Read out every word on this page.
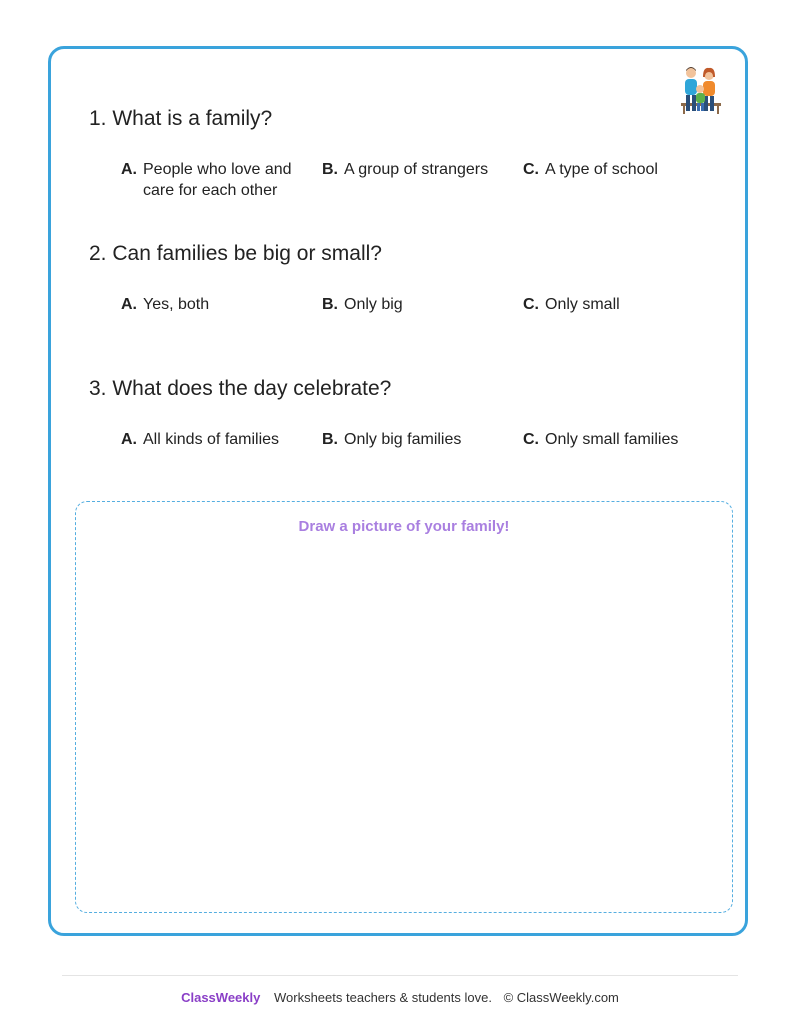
1. What is a family?
A. People who love and care for each other
B. A group of strangers C. A type of school
2. Can families be big or small?
A. Yes, both	B. Only big	C. Only small
3. What does the day celebrate?
A. All kinds of families	B. Only big families	C. Only small families
Draw a picture of your family!
ClassWeekly Worksheets teachers & students love. © ClassWeekly.com
